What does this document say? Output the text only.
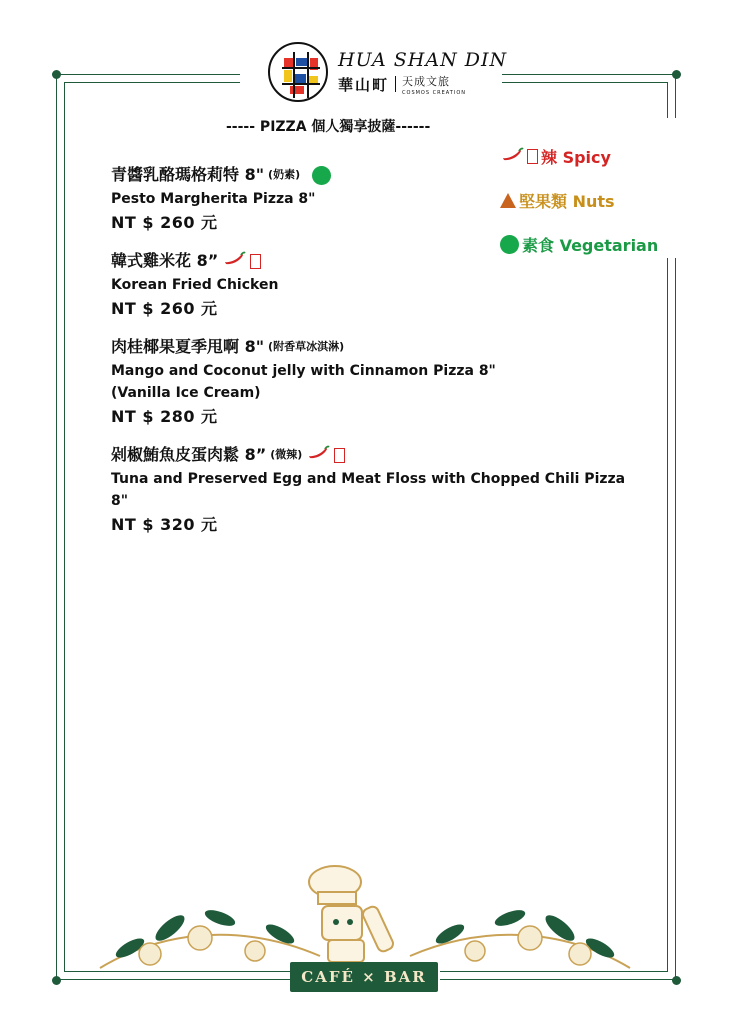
HUA SHAN DIN
華山町 天成文旅
COSMOS CREATION
----- PIZZA 個人獨享披薩------
辣 Spicy
堅果類 Nuts
素食 Vegetarian
青醬乳酪瑪格莉特 8" (奶素)
Pesto Margherita Pizza 8"
NT $ 260 元
韓式雞米花 8”
Korean Fried Chicken
NT $ 260 元
肉桂椰果夏季甩啊 8" (附香草冰淇淋)
Mango and Coconut jelly with Cinnamon Pizza 8"
(Vanilla Ice Cream)
NT $ 280 元
剁椒鮪魚皮蛋肉鬆 8” (微辣)
Tuna and Preserved Egg and Meat Floss with Chopped Chili Pizza 8"
NT $ 320 元
CAFÉ × BAR
